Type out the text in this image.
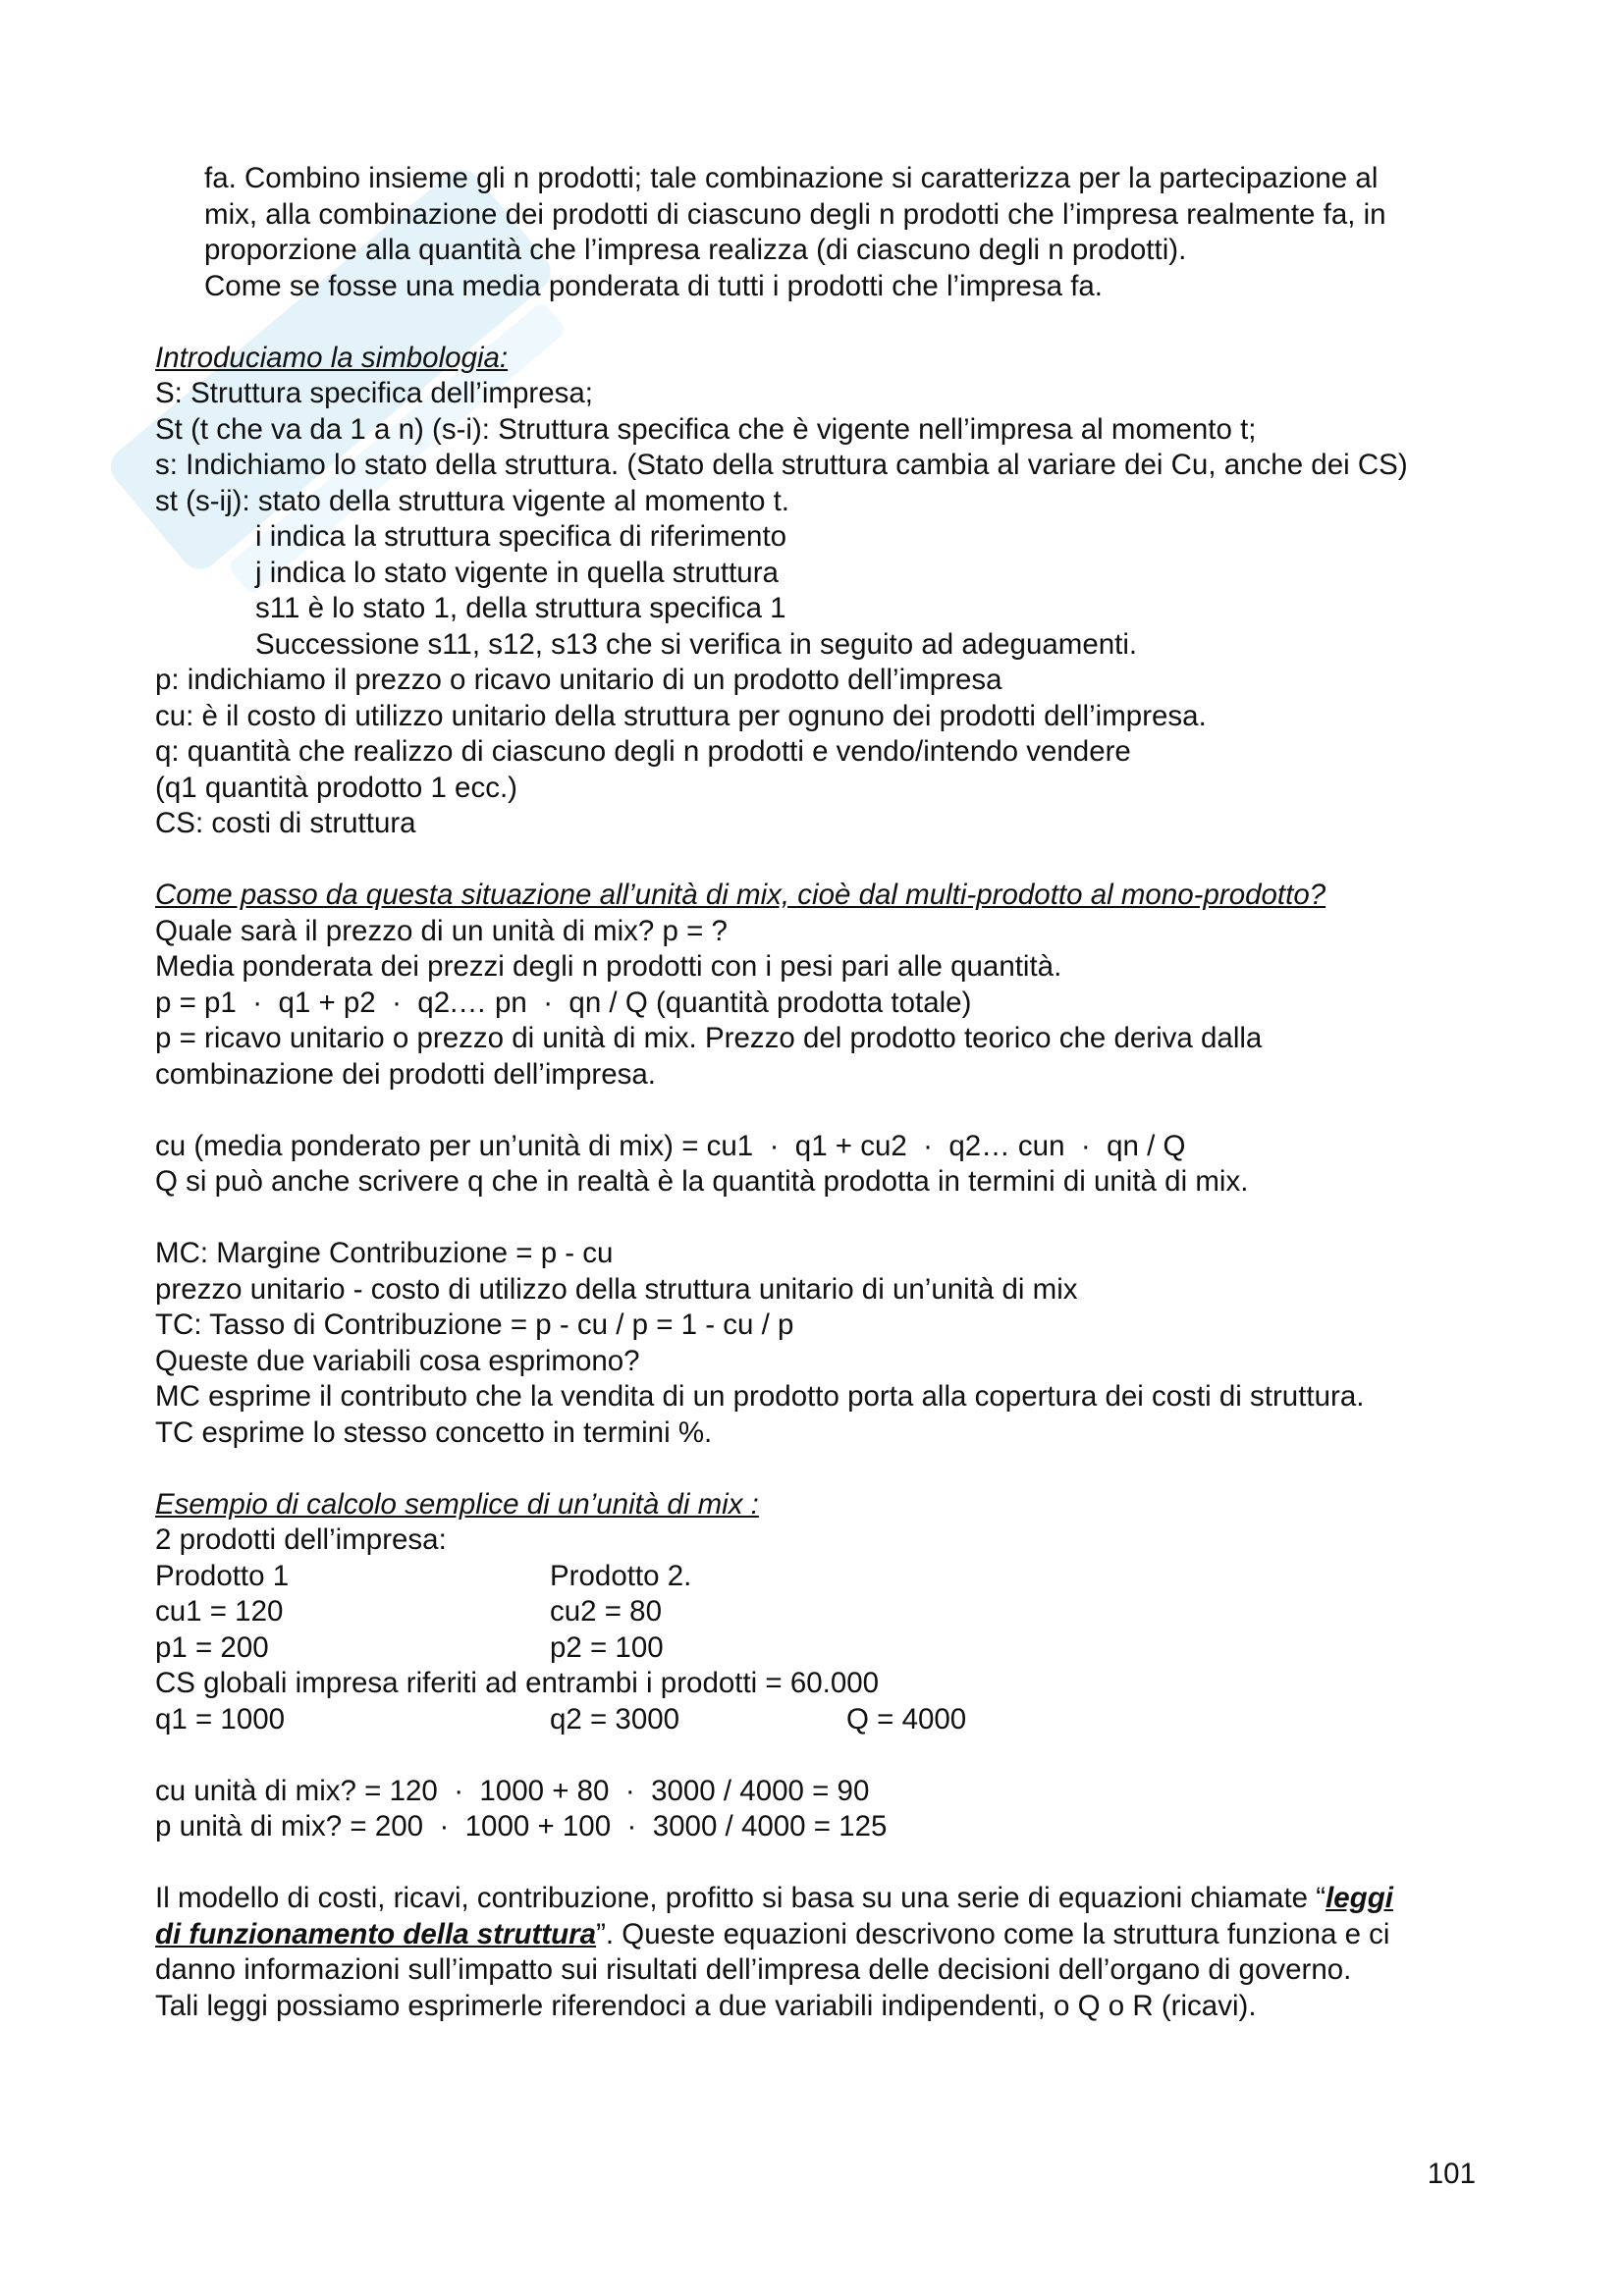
fa. Combino insieme gli n prodotti; tale combinazione si caratterizza per la partecipazione al
mix, alla combinazione dei prodotti di ciascuno degli n prodotti che l’impresa realmente fa, in
proporzione alla quantità che l’impresa realizza (di ciascuno degli n prodotti).
Come se fosse una media ponderata di tutti i prodotti che l’impresa fa.
Introduciamo la simbologia:
S: Struttura specifica dell’impresa;
St (t che va da 1 a n) (s-i): Struttura specifica che è vigente nell’impresa al momento t;
s: Indichiamo lo stato della struttura. (Stato della struttura cambia al variare dei Cu, anche dei CS)
st (s-ij): stato della struttura vigente al momento t.
i indica la struttura specifica di riferimento
j indica lo stato vigente in quella struttura
s11 è lo stato 1, della struttura specifica 1
Successione s11, s12, s13 che si verifica in seguito ad adeguamenti.
p: indichiamo il prezzo o ricavo unitario di un prodotto dell’impresa
cu: è il costo di utilizzo unitario della struttura per ognuno dei prodotti dell’impresa.
q: quantità che realizzo di ciascuno degli n prodotti e vendo/intendo vendere
(q1 quantità prodotto 1 ecc.)
CS: costi di struttura
Come passo da questa situazione all’unità di mix, cioè dal multi-prodotto al mono-prodotto?
Quale sarà il prezzo di un unità di mix? p = ?
Media ponderata dei prezzi degli n prodotti con i pesi pari alle quantità.
p = p1  ·  q1 + p2  ·  q2.… pn  ·  qn / Q (quantità prodotta totale)
p = ricavo unitario o prezzo di unità di mix. Prezzo del prodotto teorico che deriva dalla
combinazione dei prodotti dell’impresa.
cu (media ponderato per un’unità di mix) = cu1  ·  q1 + cu2  ·  q2… cun  ·  qn / Q
Q si può anche scrivere q che in realtà è la quantità prodotta in termini di unità di mix.
MC: Margine Contribuzione = p - cu
prezzo unitario - costo di utilizzo della struttura unitario di un’unità di mix
TC: Tasso di Contribuzione = p - cu / p = 1 - cu / p
Queste due variabili cosa esprimono?
MC esprime il contributo che la vendita di un prodotto porta alla copertura dei costi di struttura.
TC esprime lo stesso concetto in termini %.
Esempio di calcolo semplice di un’unità di mix :
2 prodotti dell’impresa:
Prodotto 1	Prodotto 2.
cu1 = 120	cu2 = 80
p1 = 200	p2 = 100
CS globali impresa riferiti ad entrambi i prodotti = 60.000
q1 = 1000	q2 = 3000	Q = 4000
cu unità di mix? = 120  ·  1000 + 80  ·  3000 / 4000 = 90
p unità di mix? = 200  ·  1000 + 100  ·  3000 / 4000 = 125
Il modello di costi, ricavi, contribuzione, profitto si basa su una serie di equazioni chiamate “leggi
di funzionamento della struttura”. Queste equazioni descrivono come la struttura funziona e ci
danno informazioni sull’impatto sui risultati dell’impresa delle decisioni dell’organo di governo.
Tali leggi possiamo esprimerle riferendoci a due variabili indipendenti, o Q o R (ricavi).
101
